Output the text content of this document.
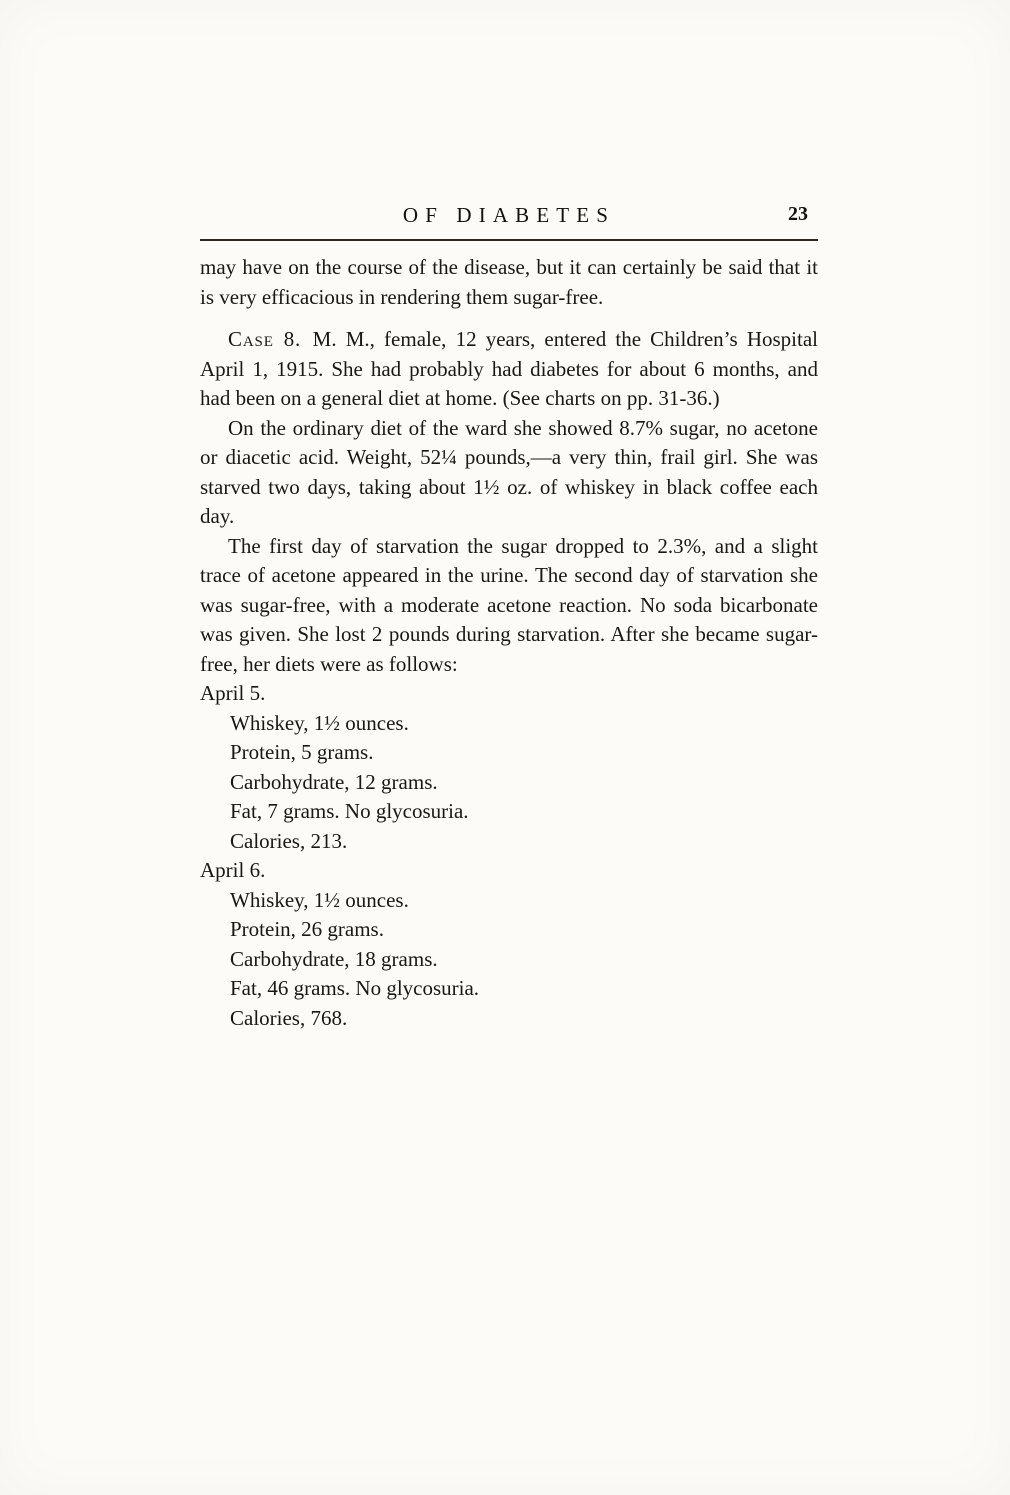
OF DIABETES	23

may have on the course of the disease, but it can certainly be said that it is very efficacious in rendering them sugar-free.

Case 8. M. M., female, 12 years, entered the Children’s Hospital April 1, 1915. She had probably had diabetes for about 6 months, and had been on a general diet at home. (See charts on pp. 31-36.)

On the ordinary diet of the ward she showed 8.7% sugar, no acetone or diacetic acid. Weight, 52¼ pounds,—a very thin, frail girl. She was starved two days, taking about 1½ oz. of whiskey in black coffee each day.

The first day of starvation the sugar dropped to 2.3%, and a slight trace of acetone appeared in the urine. The second day of starvation she was sugar-free, with a moderate acetone reaction. No soda bicarbonate was given. She lost 2 pounds during starvation. After she became sugar-free, her diets were as follows:

April 5.

Whiskey, 1½ ounces.

Protein, 5 grams.

Carbohydrate, 12 grams.

Fat, 7 grams. No glycosuria.

Calories, 213.

April 6.

Whiskey, 1½ ounces.

Protein, 26 grams.

Carbohydrate, 18 grams.

Fat, 46 grams. No glycosuria.

Calories, 768.
